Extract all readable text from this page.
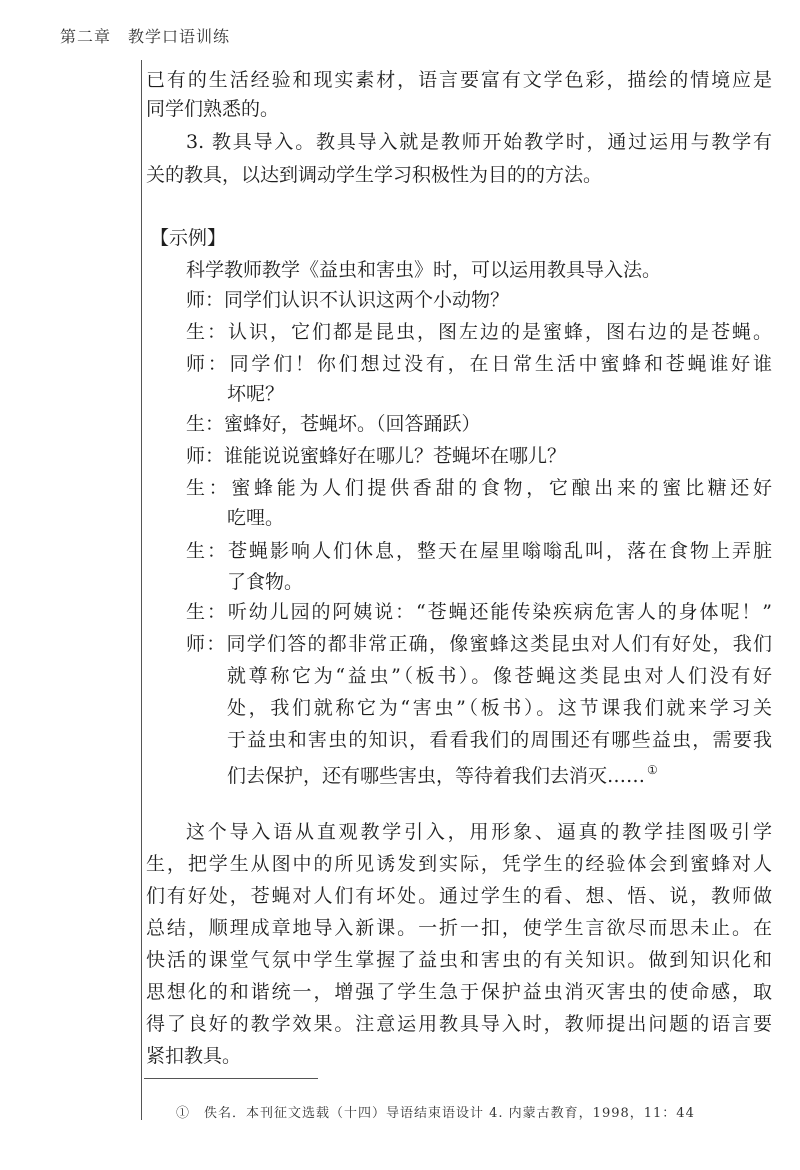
第二章　教学口语训练
已有的生活经验和现实素材，语言要富有文学色彩，描绘的情境应是
同学们熟悉的。
3. 教具导入。教具导入就是教师开始教学时，通过运用与教学有
关的教具，以达到调动学生学习积极性为目的的方法。
【示例】
科学教师教学《益虫和害虫》时，可以运用教具导入法。
师：同学们认识不认识这两个小动物？
生：认识，它们都是昆虫，图左边的是蜜蜂，图右边的是苍蝇。
师：同学们！你们想过没有，在日常生活中蜜蜂和苍蝇谁好谁
坏呢？
生：蜜蜂好，苍蝇坏。（回答踊跃）
师：谁能说说蜜蜂好在哪儿？苍蝇坏在哪儿？
生：蜜蜂能为人们提供香甜的食物，它酿出来的蜜比糖还好
吃哩。
生：苍蝇影响人们休息，整天在屋里嗡嗡乱叫，落在食物上弄脏
了食物。
生：听幼儿园的阿姨说：“苍蝇还能传染疾病危害人的身体呢！”
师：同学们答的都非常正确，像蜜蜂这类昆虫对人们有好处，我们
就尊称它为“益虫”（板书）。像苍蝇这类昆虫对人们没有好
处，我们就称它为“害虫”（板书）。这节课我们就来学习关
于益虫和害虫的知识，看看我们的周围还有哪些益虫，需要我
们去保护，还有哪些害虫，等待着我们去消灭…… ①
这个导入语从直观教学引入，用形象、逼真的教学挂图吸引学
生，把学生从图中的所见诱发到实际，凭学生的经验体会到蜜蜂对人
们有好处，苍蝇对人们有坏处。通过学生的看、想、悟、说，教师做
总结，顺理成章地导入新课。一折一扣，使学生言欲尽而思未止。在
快活的课堂气氛中学生掌握了益虫和害虫的有关知识。做到知识化和
思想化的和谐统一，增强了学生急于保护益虫消灭害虫的使命感，取
得了良好的教学效果。注意运用教具导入时，教师提出问题的语言要
紧扣教具。
①　佚名．本刊征文选载（十四）导语结束语设计 4. 内蒙古教育，1998，11：44
